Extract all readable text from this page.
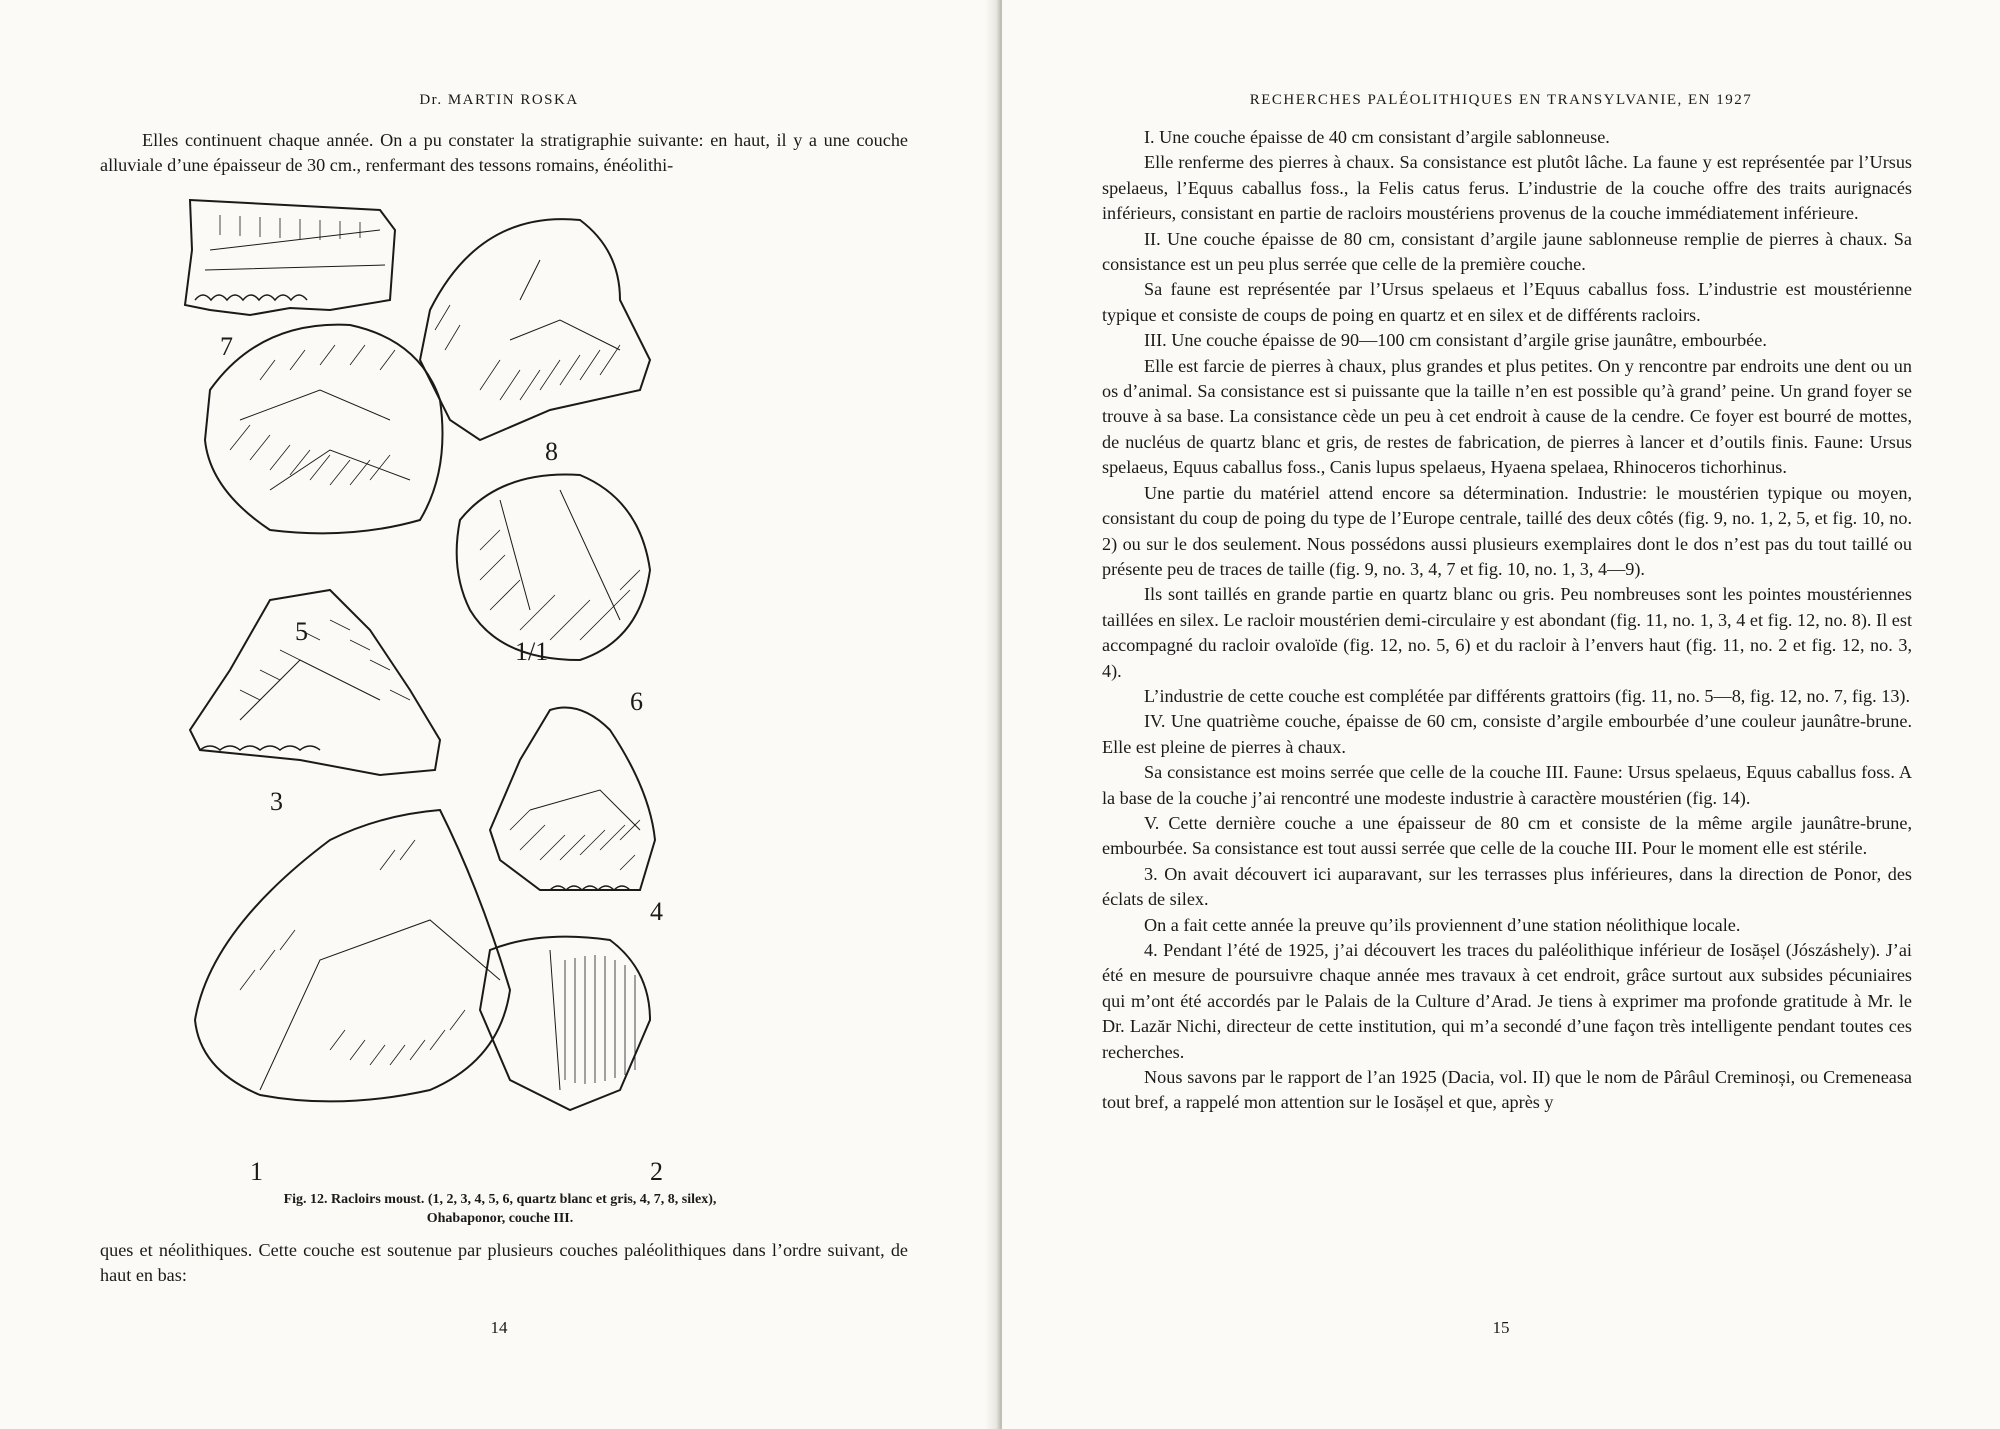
Dr. MARTIN ROSKA

Elles continuent chaque année. On a pu constater la stratigraphie suivante: en haut, il y a une couche alluviale d’une épaisseur de 30 cm., renfermant des tessons romains, énéolithi-

7
8
5
1/1
6
3
4
1	2
Fig. 12. Racloirs moust. (1, 2, 3, 4, 5, 6, quartz blanc et gris, 4, 7, 8, silex),
Ohabaponor, couche III.

ques et néolithiques. Cette couche est soutenue par plusieurs couches paléolithiques dans l’ordre suivant, de haut en bas:

14
RECHERCHES PALÉOLITHIQUES EN TRANSYLVANIE, EN 1927

I. Une couche épaisse de 40 cm consistant d’argile sablonneuse.

Elle renferme des pierres à chaux. Sa consistance est plutôt lâche. La faune y est représentée par l’Ursus spelaeus, l’Equus caballus foss., la Felis catus ferus. L’industrie de la couche offre des traits aurignacés inférieurs, consistant en partie de racloirs moustériens provenus de la couche immédiatement inférieure.

II. Une couche épaisse de 80 cm, consistant d’argile jaune sablonneuse remplie de pierres à chaux. Sa consistance est un peu plus serrée que celle de la première couche.

Sa faune est représentée par l’Ursus spelaeus et l’Equus caballus foss. L’industrie est moustérienne typique et consiste de coups de poing en quartz et en silex et de différents racloirs.

III. Une couche épaisse de 90—100 cm consistant d’argile grise jaunâtre, embourbée.

Elle est farcie de pierres à chaux, plus grandes et plus petites. On y rencontre par endroits une dent ou un os d’animal. Sa consistance est si puissante que la taille n’en est possible qu’à grand’ peine. Un grand foyer se trouve à sa base. La consistance cède un peu à cet endroit à cause de la cendre. Ce foyer est bourré de mottes, de nucléus de quartz blanc et gris, de restes de fabrication, de pierres à lancer et d’outils finis. Faune: Ursus spelaeus, Equus caballus foss., Canis lupus spelaeus, Hyaena spelaea, Rhinoceros tichorhinus.

Une partie du matériel attend encore sa détermination. Industrie: le moustérien typique ou moyen, consistant du coup de poing du type de l’Europe centrale, taillé des deux côtés (fig. 9, no. 1, 2, 5, et fig. 10, no. 2) ou sur le dos seulement. Nous possédons aussi plusieurs exemplaires dont le dos n’est pas du tout taillé ou présente peu de traces de taille (fig. 9, no. 3, 4, 7 et fig. 10, no. 1, 3, 4—9).

Ils sont taillés en grande partie en quartz blanc ou gris. Peu nombreuses sont les pointes moustériennes taillées en silex. Le racloir moustérien demi-circulaire y est abondant (fig. 11, no. 1, 3, 4 et fig. 12, no. 8). Il est accompagné du racloir ovaloïde (fig. 12, no. 5, 6) et du racloir à l’envers haut (fig. 11, no. 2 et fig. 12, no. 3, 4).

L’industrie de cette couche est complétée par différents grattoirs (fig. 11, no. 5—8, fig. 12, no. 7, fig. 13).

IV. Une quatrième couche, épaisse de 60 cm, consiste d’argile embourbée d’une couleur jaunâtre-brune. Elle est pleine de pierres à chaux.

Sa consistance est moins serrée que celle de la couche III. Faune: Ursus spelaeus, Equus caballus foss. A la base de la couche j’ai rencontré une modeste industrie à caractère moustérien (fig. 14).

V. Cette dernière couche a une épaisseur de 80 cm et consiste de la même argile jaunâtre-brune, embourbée. Sa consistance est tout aussi serrée que celle de la couche III. Pour le moment elle est stérile.

3. On avait découvert ici auparavant, sur les terrasses plus inférieures, dans la direction de Ponor, des éclats de silex.

On a fait cette année la preuve qu’ils proviennent d’une station néolithique locale.

4. Pendant l’été de 1925, j’ai découvert les traces du paléolithique inférieur de Iosășel (Jószáshely). J’ai été en mesure de poursuivre chaque année mes travaux à cet endroit, grâce surtout aux subsides pécuniaires qui m’ont été accordés par le Palais de la Culture d’Arad. Je tiens à exprimer ma profonde gratitude à Mr. le Dr. Lazăr Nichi, directeur de cette institution, qui m’a secondé d’une façon très intelligente pendant toutes ces recherches.

Nous savons par le rapport de l’an 1925 (Dacia, vol. II) que le nom de Pârâul Creminoși, ou Cremeneasa tout bref, a rappelé mon attention sur le Iosășel et que, après y

15
